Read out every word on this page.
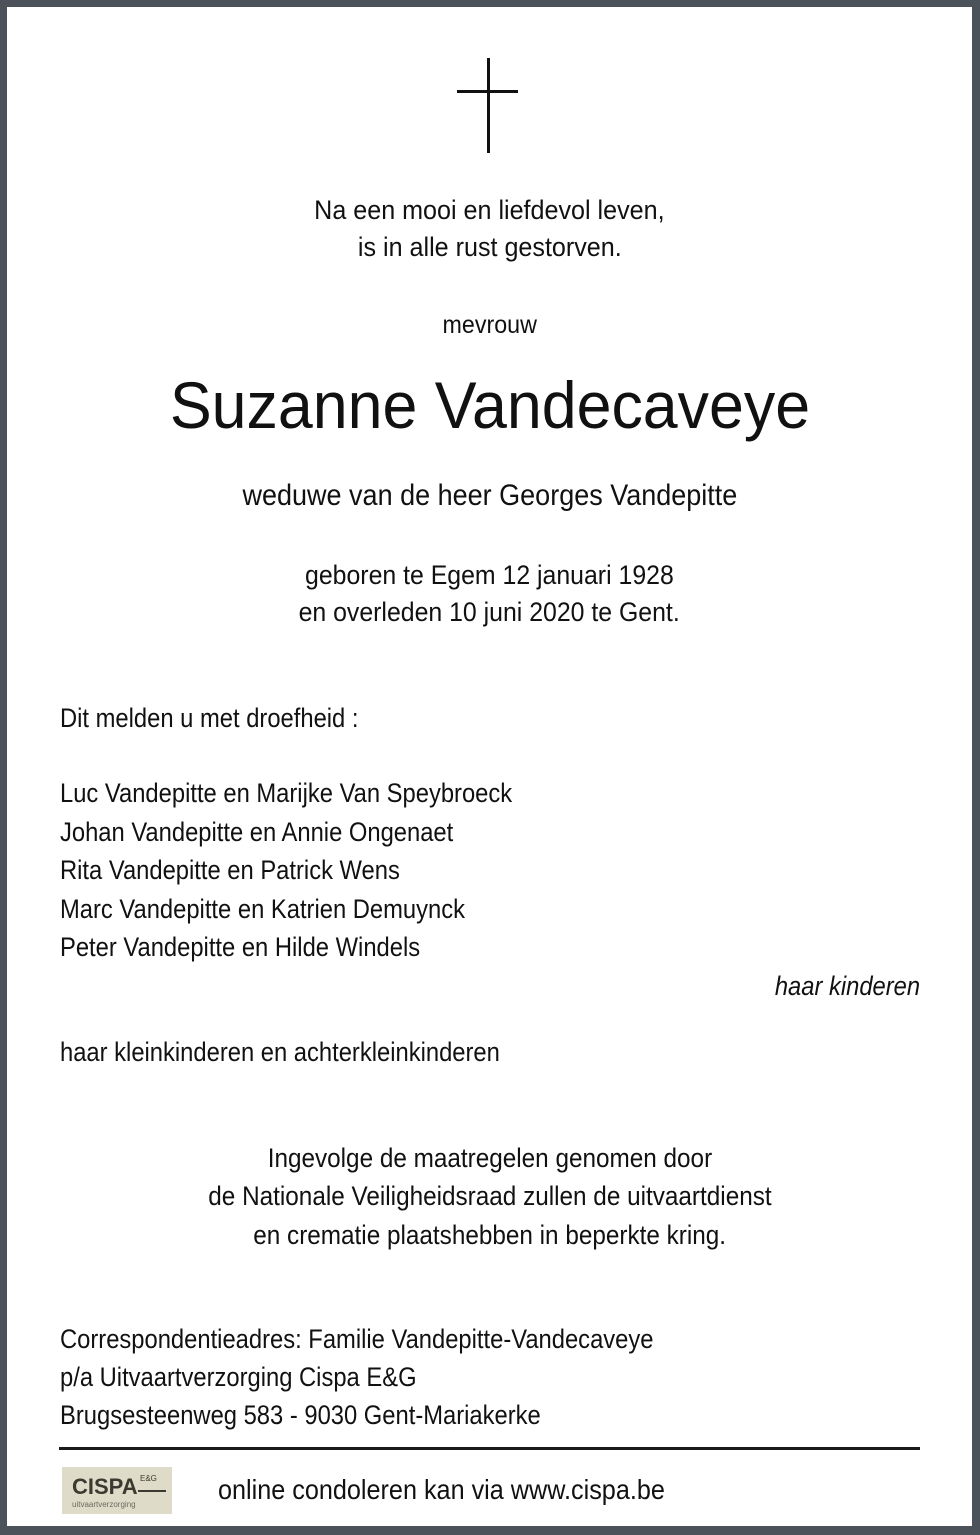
Na een mooi en liefdevol leven,
is in alle rust gestorven.
mevrouw
Suzanne Vandecaveye
weduwe van de heer Georges Vandepitte
geboren te Egem 12 januari 1928
en overleden 10 juni 2020 te Gent.
Dit melden u met droefheid :
Luc Vandepitte en Marijke Van Speybroeck
Johan Vandepitte en Annie Ongenaet
Rita Vandepitte en Patrick Wens
Marc Vandepitte en Katrien Demuynck
Peter Vandepitte en Hilde Windels
haar kinderen
haar kleinkinderen en achterkleinkinderen
Ingevolge de maatregelen genomen door
de Nationale Veiligheidsraad zullen de uitvaartdienst
en crematie plaatshebben in beperkte kring.
Correspondentieadres: Familie Vandepitte-Vandecaveye
p/a Uitvaartverzorging Cispa E&G
Brugsesteenweg 583 - 9030 Gent-Mariakerke
CISPA E&G
uitvaartverzorging	online condoleren kan via www.cispa.be
